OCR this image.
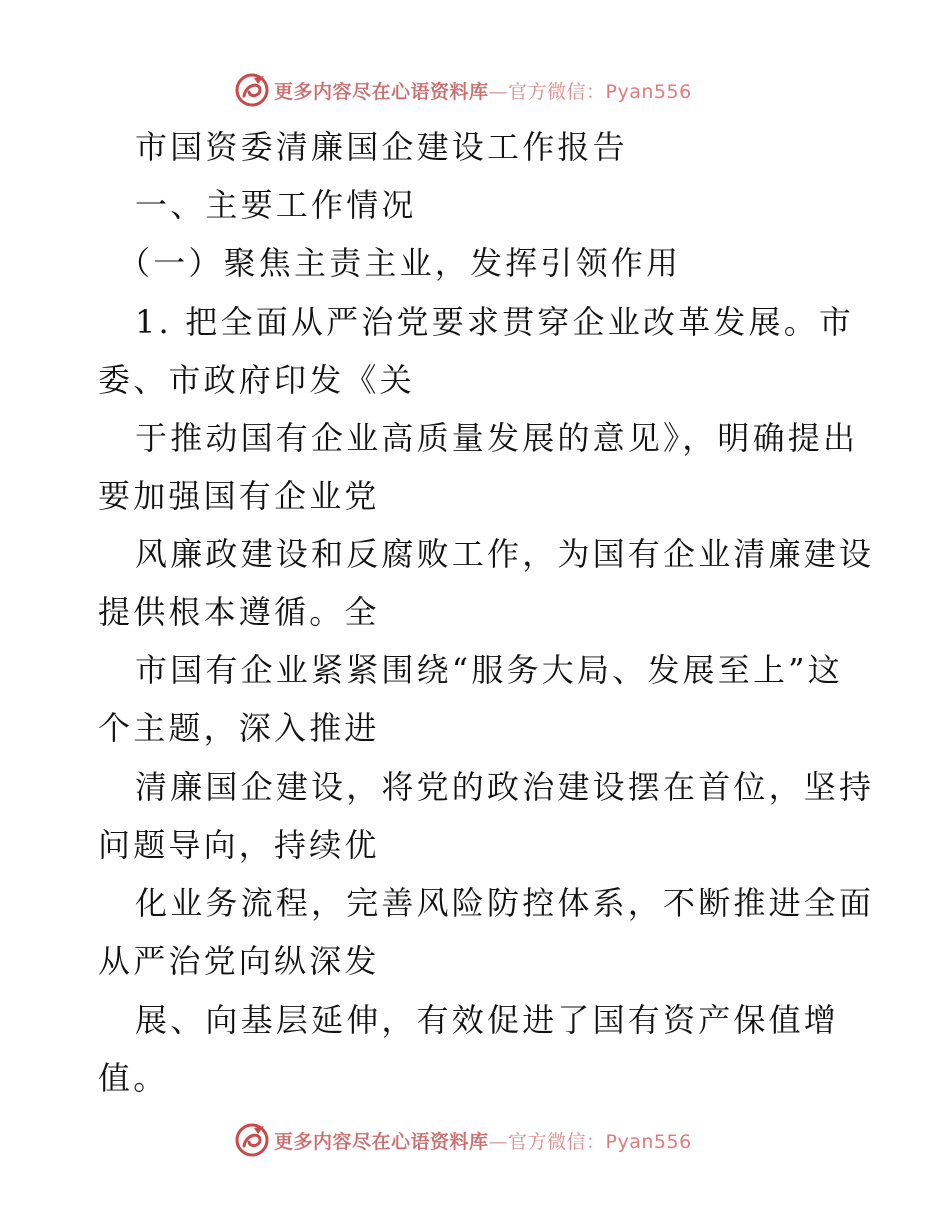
更多内容尽在心语资料库—官方微信：Pyan556
市国资委清廉国企建设工作报告
一、主要工作情况
（一）聚焦主责主业，发挥引领作用
1. 把全面从严治党要求贯穿企业改革发展。市
委、市政府印发《关
于推动国有企业高质量发展的意见》，明确提出
要加强国有企业党
风廉政建设和反腐败工作，为国有企业清廉建设
提供根本遵循。全
市国有企业紧紧围绕“服务大局、发展至上”这
个主题，深入推进
清廉国企建设，将党的政治建设摆在首位，坚持
问题导向，持续优
化业务流程，完善风险防控体系，不断推进全面
从严治党向纵深发
展、向基层延伸，有效促进了国有资产保值增
值。
更多内容尽在心语资料库—官方微信：Pyan556
